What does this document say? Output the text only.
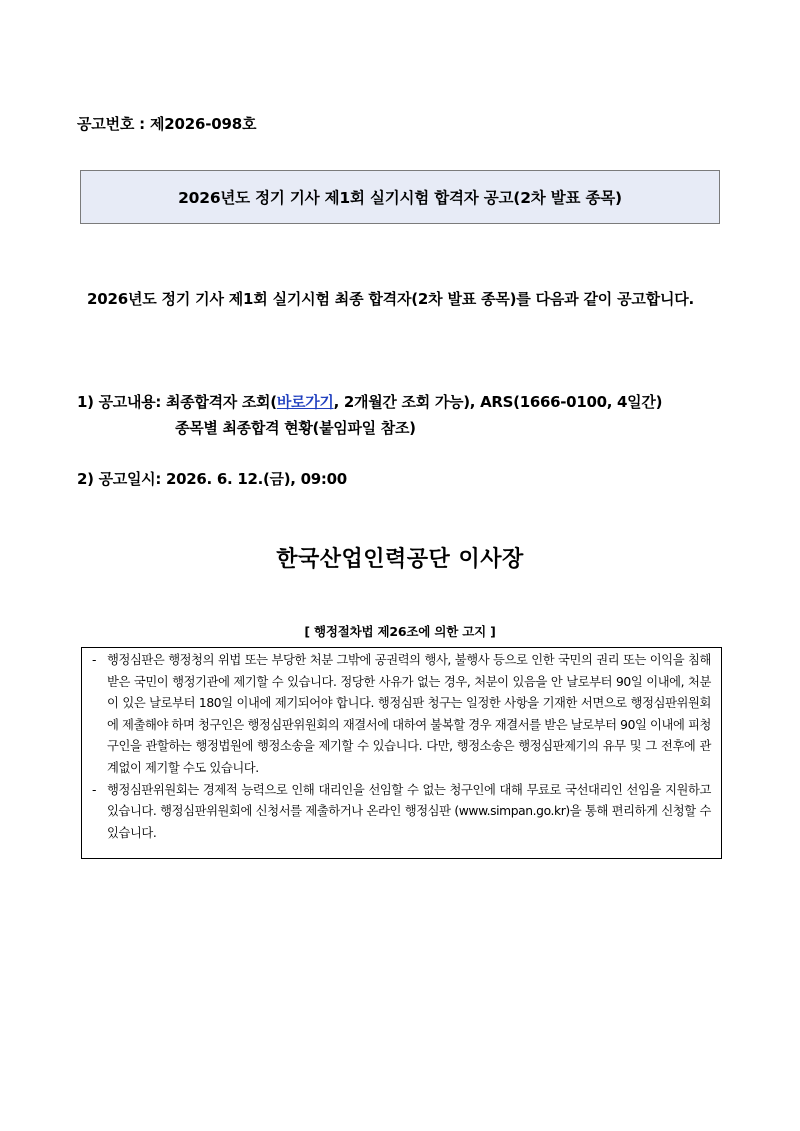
공고번호 : 제2026-098호
2026년도 정기 기사 제1회 실기시험 합격자 공고(2차 발표 종목)
2026년도 정기 기사 제1회 실기시험 최종 합격자(2차 발표 종목)를 다음과 같이 공고합니다.
1) 공고내용: 최종합격자 조회(바로가기, 2개월간 조회 가능), ARS(1666-0100, 4일간)
종목별 최종합격 현황(붙임파일 참조)
2) 공고일시: 2026. 6. 12.(금), 09:00
한국산업인력공단 이사장
[ 행정절차법 제26조에 의한 고지 ]
- 행정심판은 행정청의 위법 또는 부당한 처분 그밖에 공권력의 행사, 불행사 등으로 인한 국민의 권리 또는 이익을 침해받은 국민이 행정기관에 제기할 수 있습니다. 정당한 사유가 없는 경우, 처분이 있음을 안 날로부터 90일 이내에, 처분이 있은 날로부터 180일 이내에 제기되어야 합니다. 행정심판 청구는 일정한 사항을 기재한 서면으로 행정심판위원회에 제출해야 하며 청구인은 행정심판위원회의 재결서에 대하여 불복할 경우 재결서를 받은 날로부터 90일 이내에 피청구인을 관할하는 행정법원에 행정소송을 제기할 수 있습니다. 다만, 행정소송은 행정심판제기의 유무 및 그 전후에 관계없이 제기할 수도 있습니다.
- 행정심판위원회는 경제적 능력으로 인해 대리인을 선임할 수 없는 청구인에 대해 무료로 국선대리인 선임을 지원하고 있습니다. 행정심판위원회에 신청서를 제출하거나 온라인 행정심판 (www.simpan.go.kr)을 통해 편리하게 신청할 수 있습니다.
